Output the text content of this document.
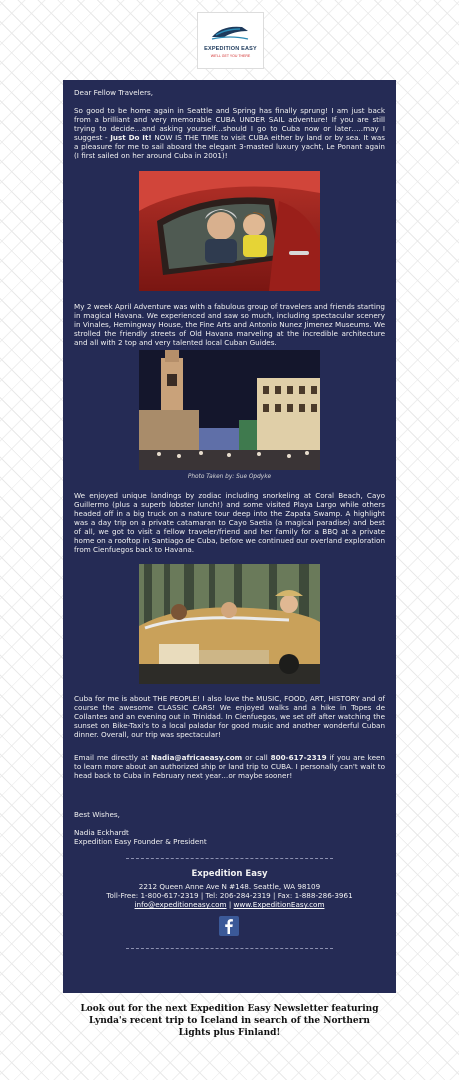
EXPEDITION EASY
WE'LL GET YOU THERE

Dear Fellow Travelers,

So good to be home again in Seattle and Spring has finally sprung! I am just back from a brilliant and very memorable CUBA UNDER SAIL adventure! If you are still trying to decide…and asking yourself…should I go to Cuba now or later…..may I suggest - Just Do It! NOW IS THE TIME to visit CUBA either by land or by sea. It was a pleasure for me to sail aboard the elegant 3-masted luxury yacht, Le Ponant again (I first sailed on her around Cuba in 2001)!

My 2 week April Adventure was with a fabulous group of travelers and friends starting in magical Havana. We experienced and saw so much, including spectacular scenery in Vinales, Hemingway House, the Fine Arts and Antonio Nunez Jimenez Museums. We strolled the friendly streets of Old Havana marveling at the incredible architecture and all with 2 top and very talented local Cuban Guides.

Photo Taken by: Sue Opdyke

We enjoyed unique landings by zodiac including snorkeling at Coral Beach, Cayo Guillermo (plus a superb lobster lunch!) and some visited Playa Largo while others headed off in a big truck on a nature tour deep into the Zapata Swamp. A highlight was a day trip on a private catamaran to Cayo Saetia (a magical paradise) and best of all, we got to visit a fellow traveler/friend and her family for a BBQ at a private home on a rooftop in Santiago de Cuba, before we continued our overland exploration from Cienfuegos back to Havana.

Cuba for me is about THE PEOPLE! I also love the MUSIC, FOOD, ART, HISTORY and of course the awesome CLASSIC CARS! We enjoyed walks and a hike in Topes de Collantes and an evening out in Trinidad. In Cienfuegos, we set off after watching the sunset on Bike-Taxi's to a local paladar for good music and another wonderful Cuban dinner. Overall, our trip was spectacular!

Email me directly at Nadia@africaeasy.com or call 800-617-2319 if you are keen to learn more about an authorized ship or land trip to CUBA. I personally can't wait to head back to Cuba in February next year…or maybe sooner!

Best Wishes,

Nadia Eckhardt

Expedition Easy Founder & President

Expedition Easy
2212 Queen Anne Ave N #148. Seattle, WA 98109
Toll-Free: 1-800-617-2319 | Tel: 206-284-2319 | Fax: 1-888-286-3961
info@expeditioneasy.com | www.ExpeditionEasy.com
Look out for the next Expedition Easy Newsletter featuring Lynda's recent trip to Iceland in search of the Northern Lights plus Finland!
